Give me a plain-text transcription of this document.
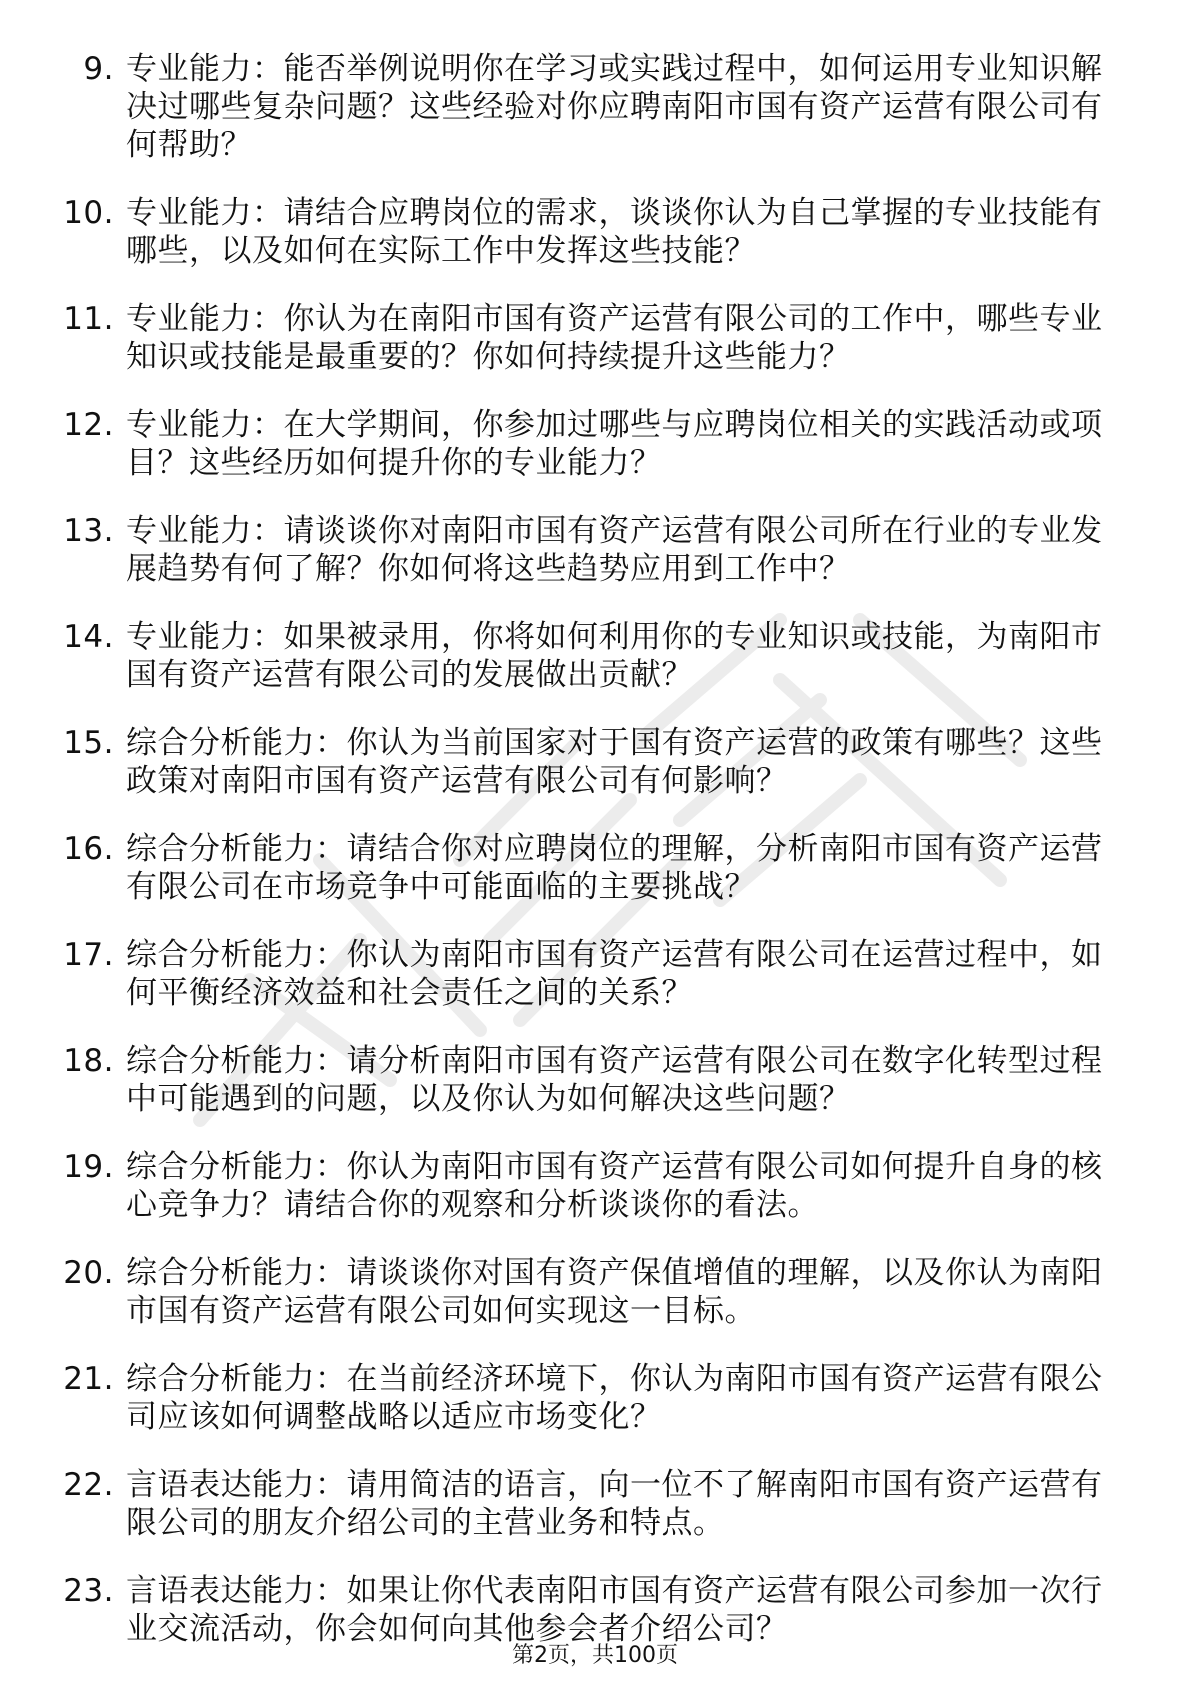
9. 专业能力：能否举例说明你在学习或实践过程中，如何运用专业知识解决过哪些复杂问题？这些经验对你应聘南阳市国有资产运营有限公司有何帮助？
10. 专业能力：请结合应聘岗位的需求，谈谈你认为自己掌握的专业技能有哪些，以及如何在实际工作中发挥这些技能？
11. 专业能力：你认为在南阳市国有资产运营有限公司的工作中，哪些专业知识或技能是最重要的？你如何持续提升这些能力？
12. 专业能力：在大学期间，你参加过哪些与应聘岗位相关的实践活动或项目？这些经历如何提升你的专业能力？
13. 专业能力：请谈谈你对南阳市国有资产运营有限公司所在行业的专业发展趋势有何了解？你如何将这些趋势应用到工作中？
14. 专业能力：如果被录用，你将如何利用你的专业知识或技能，为南阳市国有资产运营有限公司的发展做出贡献？
15. 综合分析能力：你认为当前国家对于国有资产运营的政策有哪些？这些政策对南阳市国有资产运营有限公司有何影响？
16. 综合分析能力：请结合你对应聘岗位的理解，分析南阳市国有资产运营有限公司在市场竞争中可能面临的主要挑战？
17. 综合分析能力：你认为南阳市国有资产运营有限公司在运营过程中，如何平衡经济效益和社会责任之间的关系？
18. 综合分析能力：请分析南阳市国有资产运营有限公司在数字化转型过程中可能遇到的问题，以及你认为如何解决这些问题？
19. 综合分析能力：你认为南阳市国有资产运营有限公司如何提升自身的核心竞争力？请结合你的观察和分析谈谈你的看法。
20. 综合分析能力：请谈谈你对国有资产保值增值的理解，以及你认为南阳市国有资产运营有限公司如何实现这一目标。
21. 综合分析能力：在当前经济环境下，你认为南阳市国有资产运营有限公司应该如何调整战略以适应市场变化？
22. 言语表达能力：请用简洁的语言，向一位不了解南阳市国有资产运营有限公司的朋友介绍公司的主营业务和特点。
23. 言语表达能力：如果让你代表南阳市国有资产运营有限公司参加一次行业交流活动，你会如何向其他参会者介绍公司？
第2页，共100页
